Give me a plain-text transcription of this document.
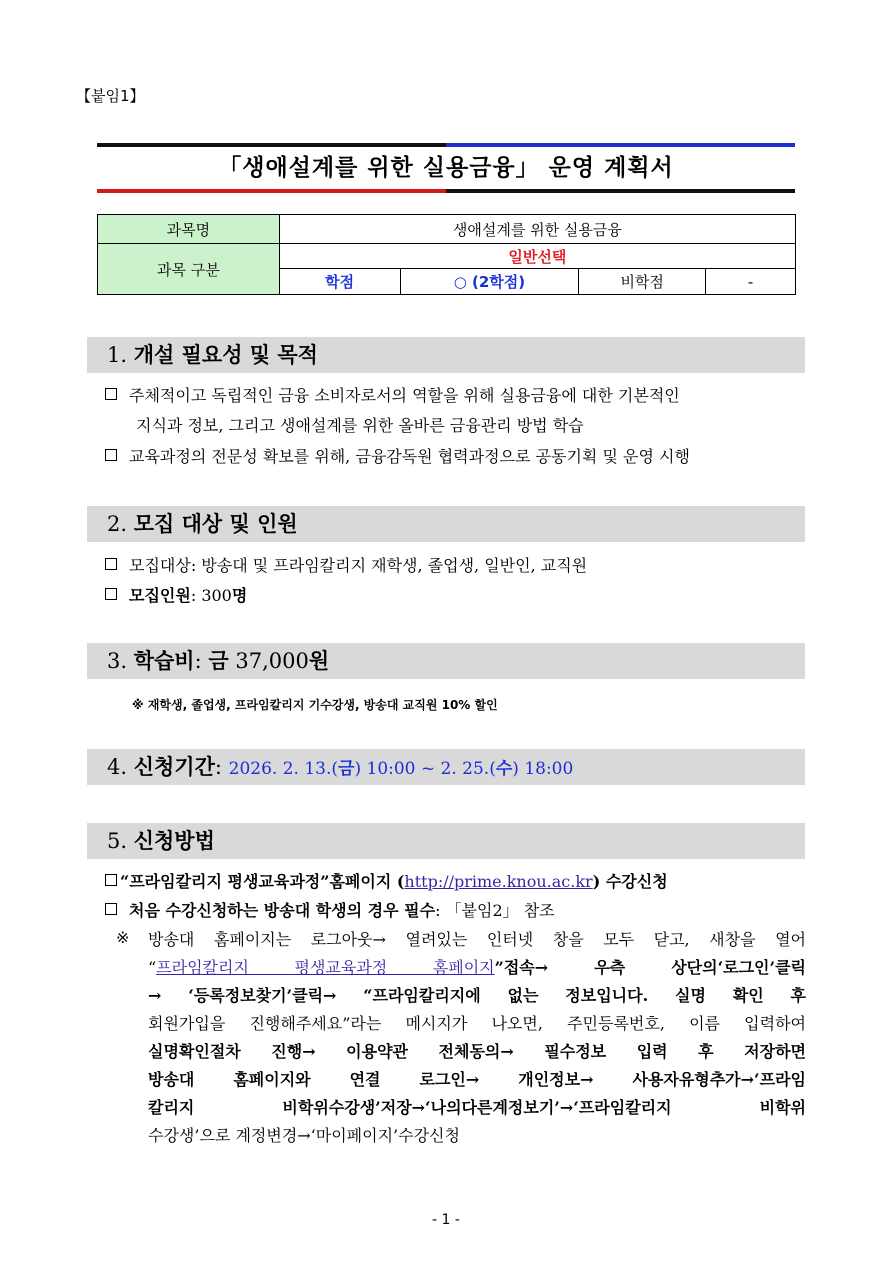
【붙임1】
「생애설계를 위한 실용금융」 운영 계획서
과목명	생애설계를 위한 실용금융			
과목 구분	일반선택			
	학점	○ (2학점)	비학점	-
1. 개설 필요성 및 목적
주체적이고 독립적인 금융 소비자로서의 역할을 위해 실용금융에 대한 기본적인
지식과 정보, 그리고 생애설계를 위한 올바른 금융관리 방법 학습
교육과정의 전문성 확보를 위해, 금융감독원 협력과정으로 공동기획 및 운영 시행
2. 모집 대상 및 인원
모집대상: 방송대 및 프라임칼리지 재학생, 졸업생, 일반인, 교직원
모집인원: 300명
3. 학습비: 금 37,000원
※ 재학생, 졸업생, 프라임칼리지 기수강생, 방송대 교직원 10% 할인
4. 신청기간: 2026. 2. 13.(금) 10:00 ~ 2. 25.(수) 18:00
5. 신청방법
“프라임칼리지 평생교육과정”홈페이지 (http://prime.knou.ac.kr) 수강신청
처음 수강신청하는 방송대 학생의 경우 필수: 「붙임2」 참조
※ 방송대 홈페이지는 로그아웃→ 열려있는 인터넷 창을 모두 닫고, 새창을 열어
“프라임칼리지 평생교육과정 홈페이지”접속→ 우측 상단의‘로그인’클릭
→ ‘등록정보찾기’클릭→ “프라임칼리지에 없는 정보입니다. 실명 확인 후
회원가입을 진행해주세요”라는 메시지가 나오면, 주민등록번호, 이름 입력하여
실명확인절차 진행→ 이용약관 전체동의→ 필수정보 입력 후 저장하면
방송대 홈페이지와 연결 로그인→ 개인정보→ 사용자유형추가→‘프라임
칼리지 비학위수강생’저장→‘나의다른계정보기’→‘프라임칼리지 비학위
수강생’으로 계정변경→‘마이페이지’수강신청
- 1 -
